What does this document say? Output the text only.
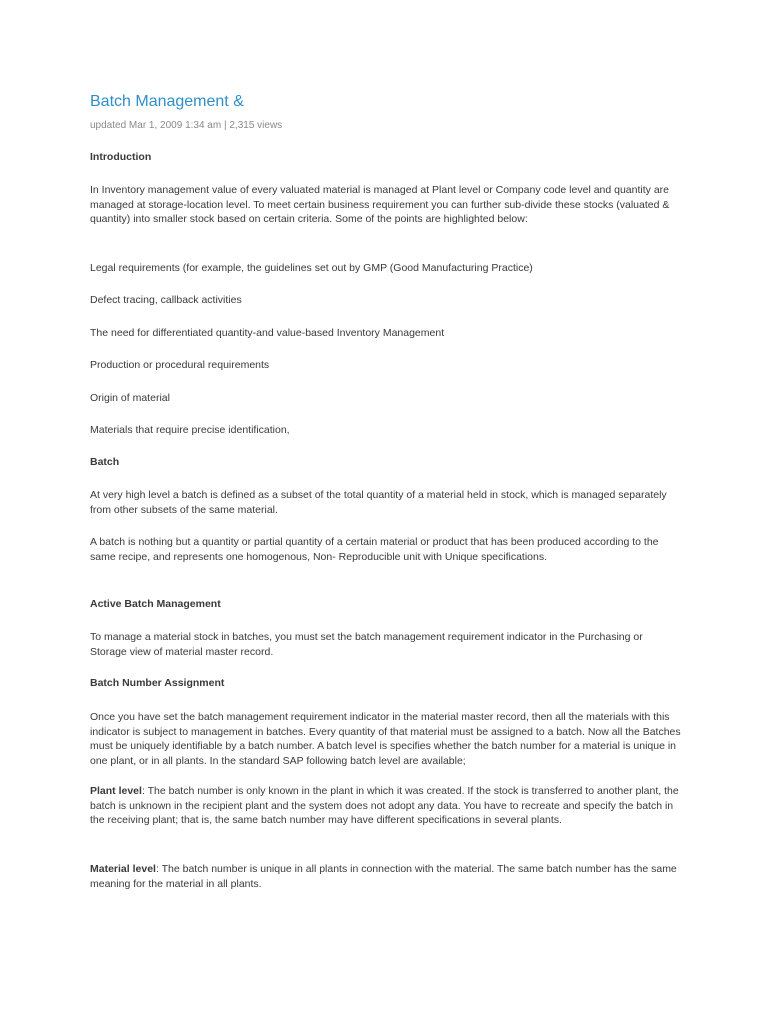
Batch Management &
updated Mar 1, 2009 1:34 am | 2,315 views
Introduction
In Inventory management value of every valuated material is managed at Plant level or Company code level and quantity are managed at storage-location level. To meet certain business requirement you can further sub-divide these stocks (valuated & quantity) into smaller stock based on certain criteria. Some of the points are highlighted below:
Legal requirements (for example, the guidelines set out by GMP (Good Manufacturing Practice)
Defect tracing, callback activities
The need for differentiated quantity-and value-based Inventory Management
Production or procedural requirements
Origin of material
Materials that require precise identification,
Batch
At very high level a batch is defined as a subset of the total quantity of a material held in stock, which is managed separately from other subsets of the same material.
A batch is nothing but a quantity or partial quantity of a certain material or product that has been produced according to the same recipe, and represents one homogenous, Non- Reproducible unit with Unique specifications.
Active Batch Management
To manage a material stock in batches, you must set the batch management requirement indicator in the Purchasing or Storage view of material master record.
Batch Number Assignment
Once you have set the batch management requirement indicator in the material master record, then all the materials with this indicator is subject to management in batches. Every quantity of that material must be assigned to a batch. Now all the Batches must be uniquely identifiable by a batch number. A batch level is specifies whether the batch number for a material is unique in one plant, or in all plants. In the standard SAP following batch level are available;
Plant level: The batch number is only known in the plant in which it was created. If the stock is transferred to another plant, the batch is unknown in the recipient plant and the system does not adopt any data. You have to recreate and specify the batch in the receiving plant; that is, the same batch number may have different specifications in several plants.
Material level: The batch number is unique in all plants in connection with the material. The same batch number has the same meaning for the material in all plants.
